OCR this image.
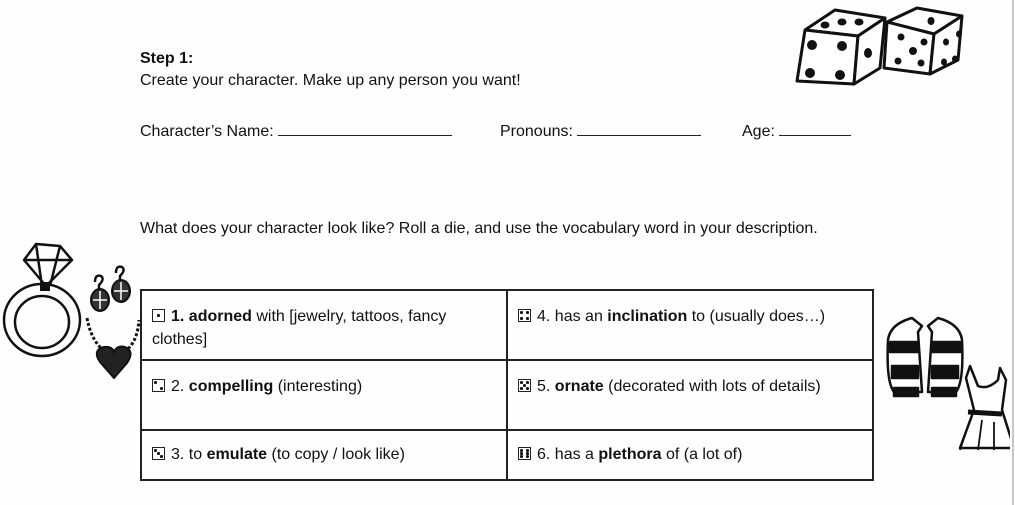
Step 1:
Create your character. Make up any person you want!
Character’s Name:	Pronouns:	Age:
What does your character look like? Roll a die, and use the vocabulary word in your description.
1. adorned with [jewelry, tattoos, fancy clothes]	4. has an inclination to (usually does…)

2. compelling (interesting)	5. ornate (decorated with lots of details)

3. to emulate (to copy / look like)	6. has a plethora of (a lot of)
